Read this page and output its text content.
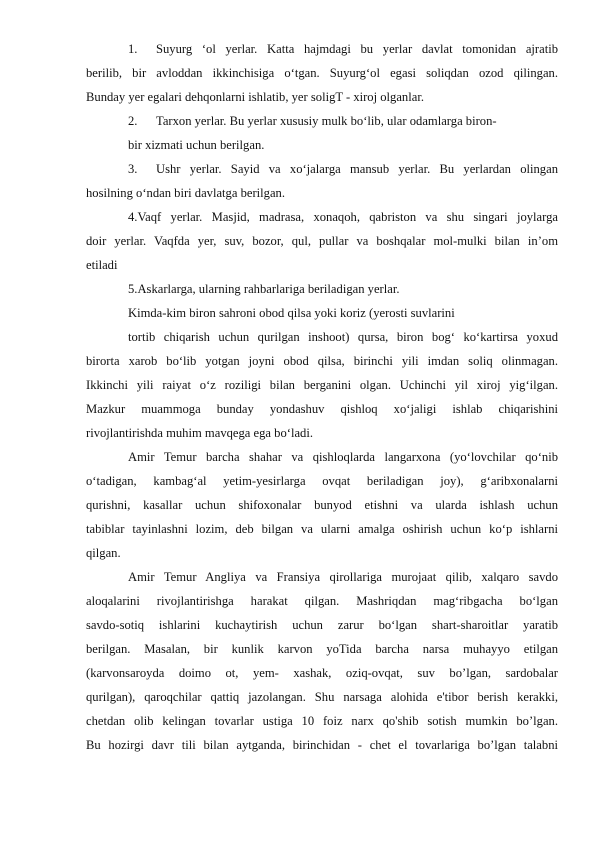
1. Suyurg ‘ol yerlar. Katta hajmdagi bu yerlar davlat tomonidan ajratib
berilib, bir avloddan ikkinchisiga o‘tgan. Suyurg‘ol egasi soliqdan ozod qilingan.
Bunday yer egalari dehqonlarni ishlatib, yer soligT - xiroj olganlar.
2. Tarxon yerlar. Bu yerlar xususiy mulk bo‘lib, ular odamlarga biron-
bir xizmati uchun berilgan.
3. Ushr yerlar. Sayid va xo‘jalarga mansub yerlar. Bu yerlardan olingan
hosilning o‘ndan biri davlatga berilgan.
4.Vaqf yerlar. Masjid, madrasa, xonaqoh, qabriston va shu singari joylarga
doir yerlar. Vaqfda yer, suv, bozor, qul, pullar va boshqalar mol-mulki bilan in’om
etiladi
5.Askarlarga, ularning rahbarlariga beriladigan yerlar.
Kimda-kim biron sahroni obod qilsa yoki koriz (yerosti suvlarini
tortib chiqarish uchun qurilgan inshoot) qursa, biron bog‘ ko‘kartirsa yoxud
birorta xarob bo‘lib yotgan joyni obod qilsa, birinchi yili imdan soliq olinmagan.
Ikkinchi yili raiyat o‘z roziligi bilan berganini olgan. Uchinchi yil xiroj yig‘ilgan.
Mazkur muammoga bunday yondashuv qishloq xo‘jaligi ishlab chiqarishini
rivojlantirishda muhim mavqega ega bo‘ladi.
Amir Temur barcha shahar va qishloqlarda langarxona (yo‘lovchilar qo‘nib
o‘tadigan, kambag‘al yetim-yesirlarga ovqat beriladigan joy), g‘aribxonalarni
qurishni, kasallar uchun shifoxonalar bunyod etishni va ularda ishlash uchun
tabiblar tayinlashni lozim, deb bilgan va ularni amalga oshirish uchun ko‘p ishlarni
qilgan.
Amir Temur Angliya va Fransiya qirollariga murojaat qilib, xalqaro savdo
aloqalarini rivojlantirishga harakat qilgan. Mashriqdan mag‘ribgacha bo‘lgan
savdo-sotiq ishlarini kuchaytirish uchun zarur bo‘lgan shart-sharoitlar yaratib
berilgan. Masalan, bir kunlik karvon yoTida barcha narsa muhayyo etilgan
(karvonsaroyda doimo ot, yem- xashak, oziq-ovqat, suv bo’lgan, sardobalar
qurilgan), qaroqchilar qattiq jazolangan. Shu narsaga alohida e'tibor berish kerakki,
chetdan olib kelingan tovarlar ustiga 10 foiz narx qo'shib sotish mumkin bo’lgan.
Bu hozirgi davr tili bilan aytganda, birinchidan - chet el tovarlariga bo’lgan talabni
